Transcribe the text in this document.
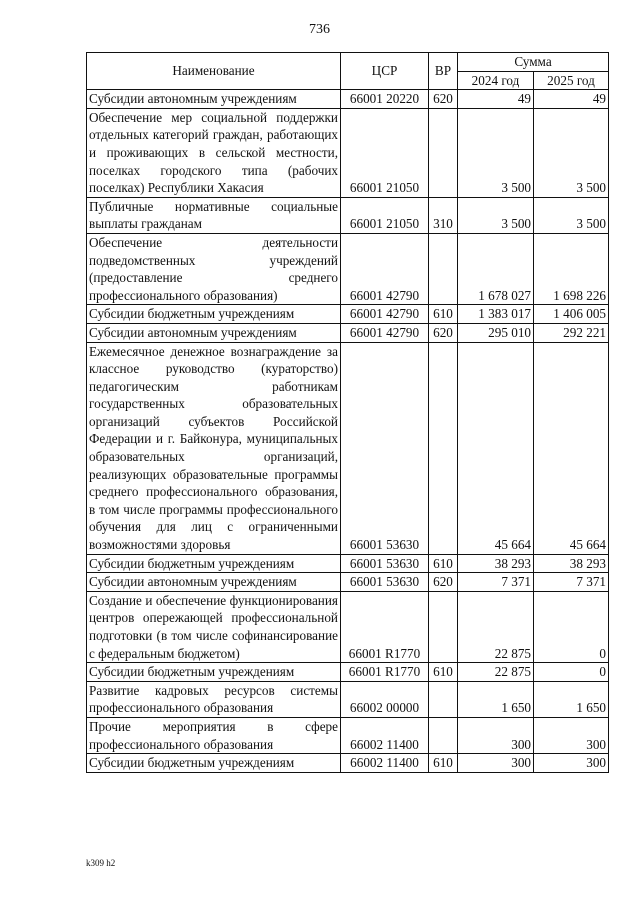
736
Наименование	ЦСР	ВР	Сумма	
			2024 год	2025 год
Субсидии автономным учреждениям	66001 20220	620	49	49
Обеспечение мер социальной поддержки отдельных категорий граждан, работающих и проживающих в сельской местности, поселках городского типа (рабочих поселках) Республики Хакасия	66001 21050		3 500	3 500
Публичные нормативные социальные выплаты гражданам	66001 21050	310	3 500	3 500
Обеспечение деятельности подведомственных учреждений (предоставление среднего профессионального образования)	66001 42790		1 678 027	1 698 226
Субсидии бюджетным учреждениям	66001 42790	610	1 383 017	1 406 005
Субсидии автономным учреждениям	66001 42790	620	295 010	292 221
Ежемесячное денежное вознаграждение за классное руководство (кураторство) педагогическим работникам государственных образовательных организаций субъектов Российской Федерации и г. Байконура, муниципальных образовательных организаций, реализующих образовательные программы среднего профессионального образования, в том числе программы профессионального обучения для лиц с ограниченными возможностями здоровья	66001 53630		45 664	45 664
Субсидии бюджетным учреждениям	66001 53630	610	38 293	38 293
Субсидии автономным учреждениям	66001 53630	620	7 371	7 371
Создание и обеспечение функционирования центров опережающей профессиональной подготовки (в том числе софинансирование с федеральным бюджетом)	66001 R1770		22 875	0
Субсидии бюджетным учреждениям	66001 R1770	610	22 875	0
Развитие кадровых ресурсов системы профессионального образования	66002 00000		1 650	1 650
Прочие мероприятия в сфере профессионального образования	66002 11400		300	300
Субсидии бюджетным учреждениям	66002 11400	610	300	300
k309 h2
